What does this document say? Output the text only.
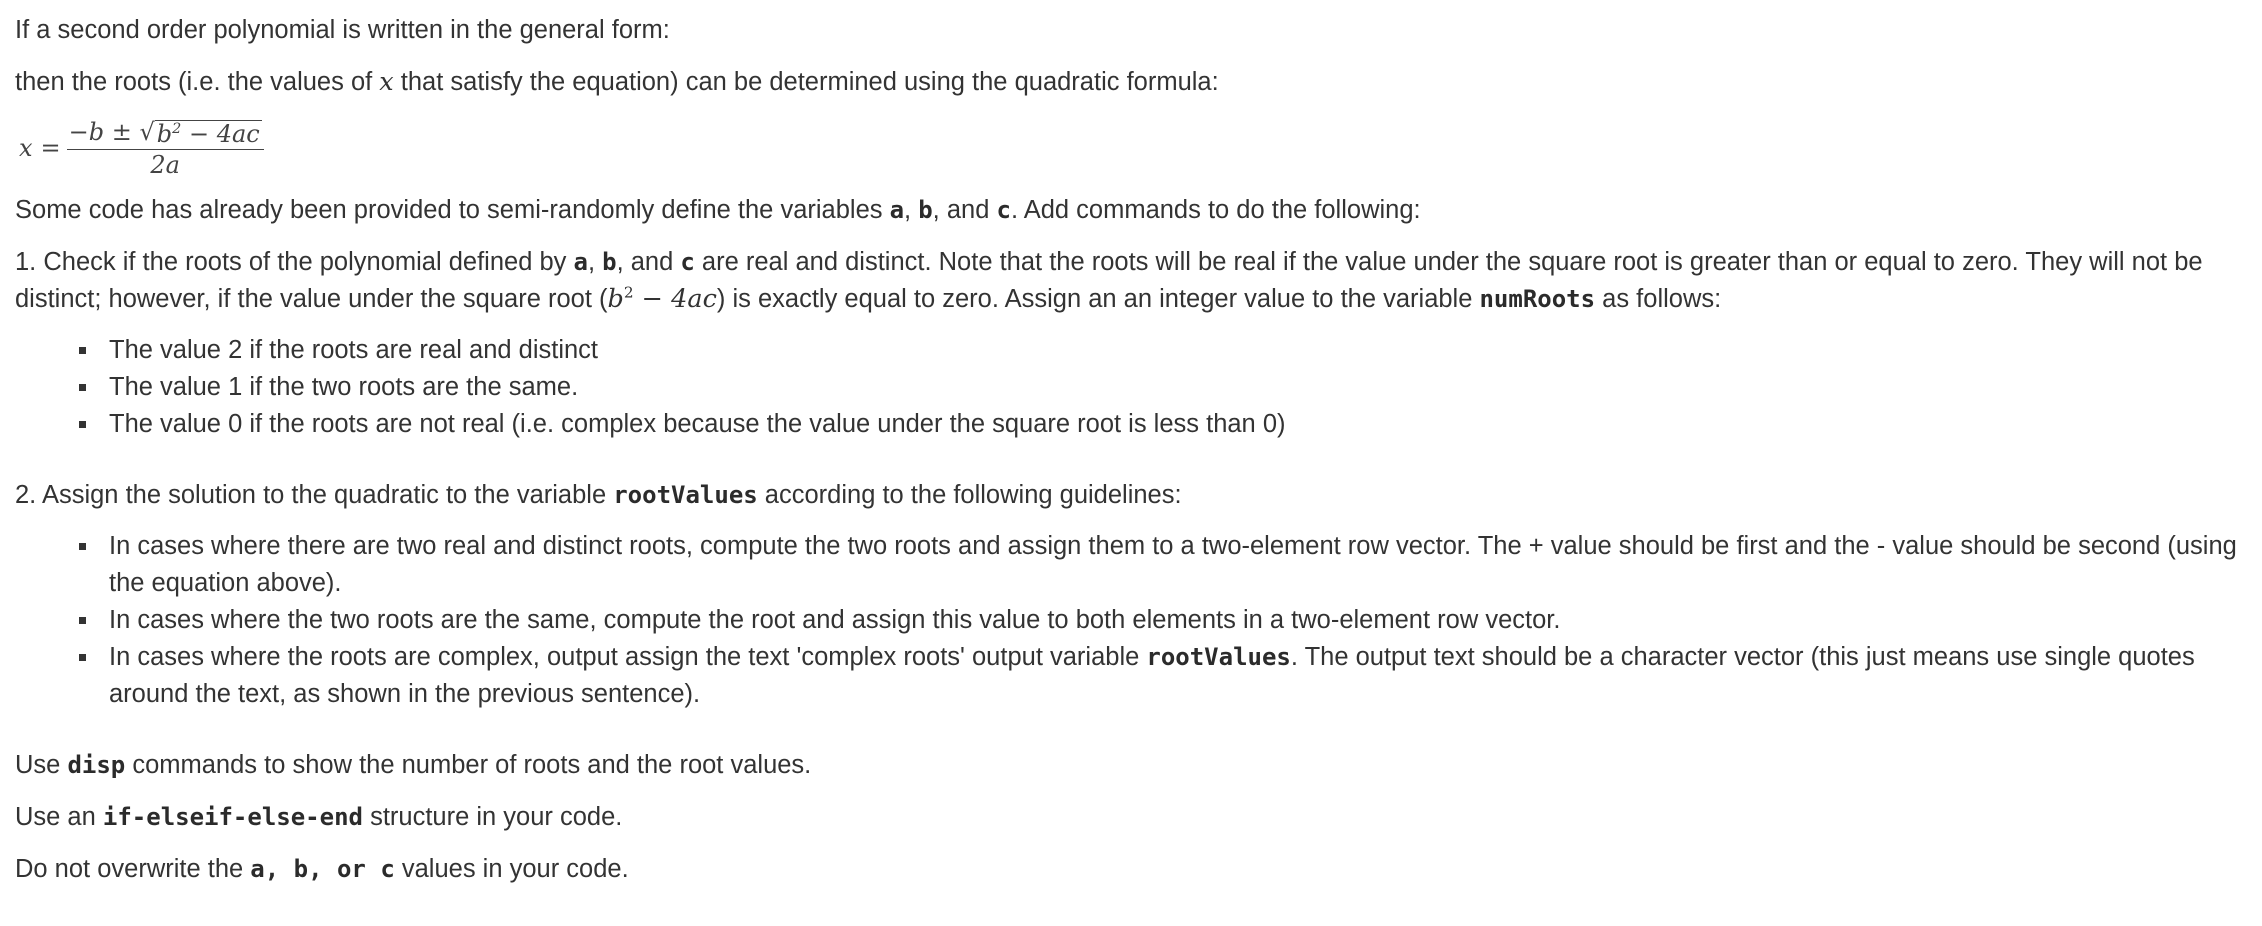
If a second order polynomial is written in the general form:

then the roots (i.e. the values of x that satisfy the equation) can be determined using the quadratic formula:

$x = \frac{-b \pm √ b^2 - 4ac}{2a}$

Some code has already been provided to semi-randomly define the variables a, b, and c. Add commands to do the following:

1. Check if the roots of the polynomial defined by a, b, and c are real and distinct. Note that the roots will be real if the value under the square root is greater than or equal to zero. They will not be distinct; however, if the value under the square root $(b^2 - 4ac)$ is exactly equal to zero. Assign an an integer value to the variable numRoots as follows:

The value 2 if the roots are real and distinct
The value 1 if the two roots are the same.
The value 0 if the roots are not real (i.e. complex because the value under the square root is less than 0)

2. Assign the solution to the quadratic to the variable rootValues according to the following guidelines:

In cases where there are two real and distinct roots, compute the two roots and assign them to a two-element row vector. The + value should be first and the - value should be second (using the equation above).
In cases where the two roots are the same, compute the root and assign this value to both elements in a two-element row vector.
In cases where the roots are complex, output assign the text 'complex roots' output variable rootValues. The output text should be a character vector (this just means use single quotes around the text, as shown in the previous sentence).

Use disp commands to show the number of roots and the root values.

Use an if-elseif-else-end structure in your code.

Do not overwrite the a, b, or c values in your code.
